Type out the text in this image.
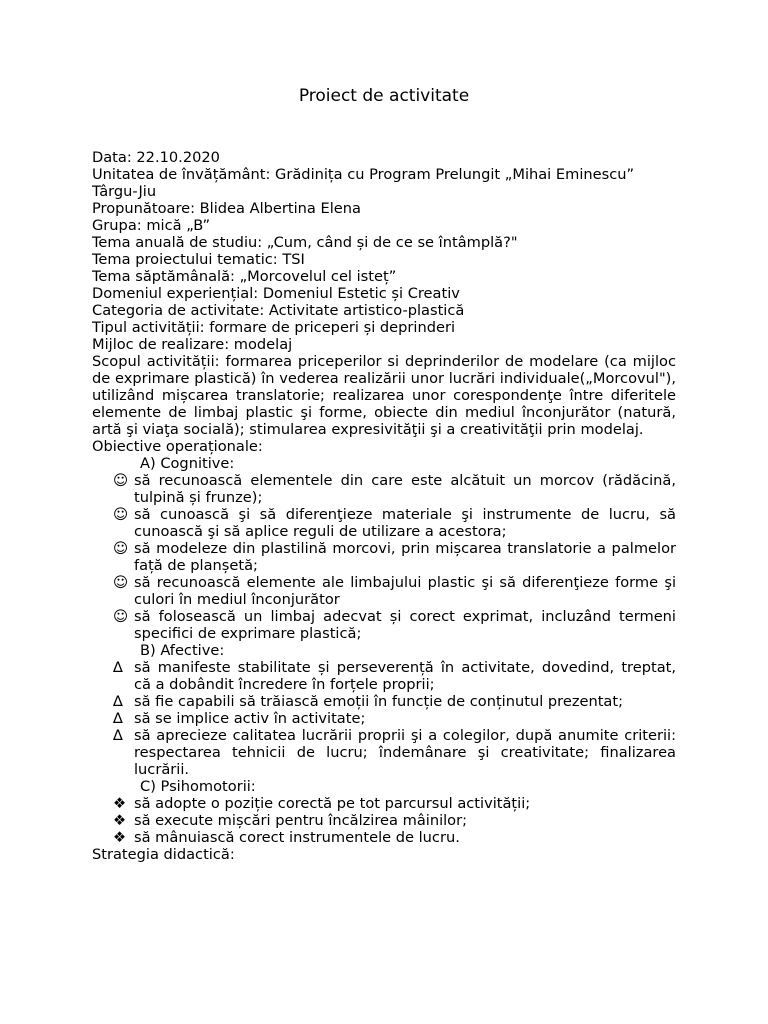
Proiect de activitate
Data: 22.10.2020
Unitatea de învățământ: Grădinița cu Program Prelungit „Mihai Eminescu” Târgu-Jiu
Propunătoare: Blidea Albertina Elena
Grupa: mică „B”
Tema anuală de studiu: „Cum, când și de ce se întâmplă?"
Tema proiectului tematic: TSI
Tema săptămânală: „Morcovelul cel isteț”
Domeniul experiențial: Domeniul Estetic și Creativ
Categoria de activitate: Activitate artistico-plastică
Tipul activității: formare de priceperi și deprinderi
Mijloc de realizare: modelaj
Scopul activității: formarea priceperilor si deprinderilor de modelare (ca mijloc de exprimare plastică) în vederea realizării unor lucrări individuale(„Morcovul"), utilizând mișcarea translatorie; realizarea unor corespondenţe între diferitele elemente de limbaj plastic şi forme, obiecte din mediul înconjurător (natură, artă şi viaţa socială); stimularea expresivităţii şi a creativităţii prin modelaj.
Obiective operaționale:
A) Cognitive:
☺ să recunoască elementele din care este alcătuit un morcov (rădăcină, tulpină și frunze);
☺ să cunoască şi să diferenţieze materiale şi instrumente de lucru, să cunoască şi să aplice reguli de utilizare a acestora;
☺ să modeleze din plastilină morcovi, prin mișcarea translatorie a palmelor față de planșetă;
☺ să recunoască elemente ale limbajului plastic şi să diferenţieze forme şi culori în mediul înconjurător
☺ să folosească un limbaj adecvat și corect exprimat, incluzând termeni specifici de exprimare plastică;
B) Afective:
∆ să manifeste stabilitate și perseverență în activitate, dovedind, treptat, că a dobândit încredere în forțele proprii;
∆ să fie capabili să trăiască emoții în funcție de conținutul prezentat;
∆ să se implice activ în activitate;
∆ să aprecieze calitatea lucrării proprii şi a colegilor, după anumite criterii: respectarea tehnicii de lucru; îndemânare şi creativitate; finalizarea lucrării.
C) Psihomotorii:
❖ să adopte o poziție corectă pe tot parcursul activității;
❖ să execute mișcări pentru încălzirea mâinilor;
❖ să mânuiască corect instrumentele de lucru.
Strategia didactică:
